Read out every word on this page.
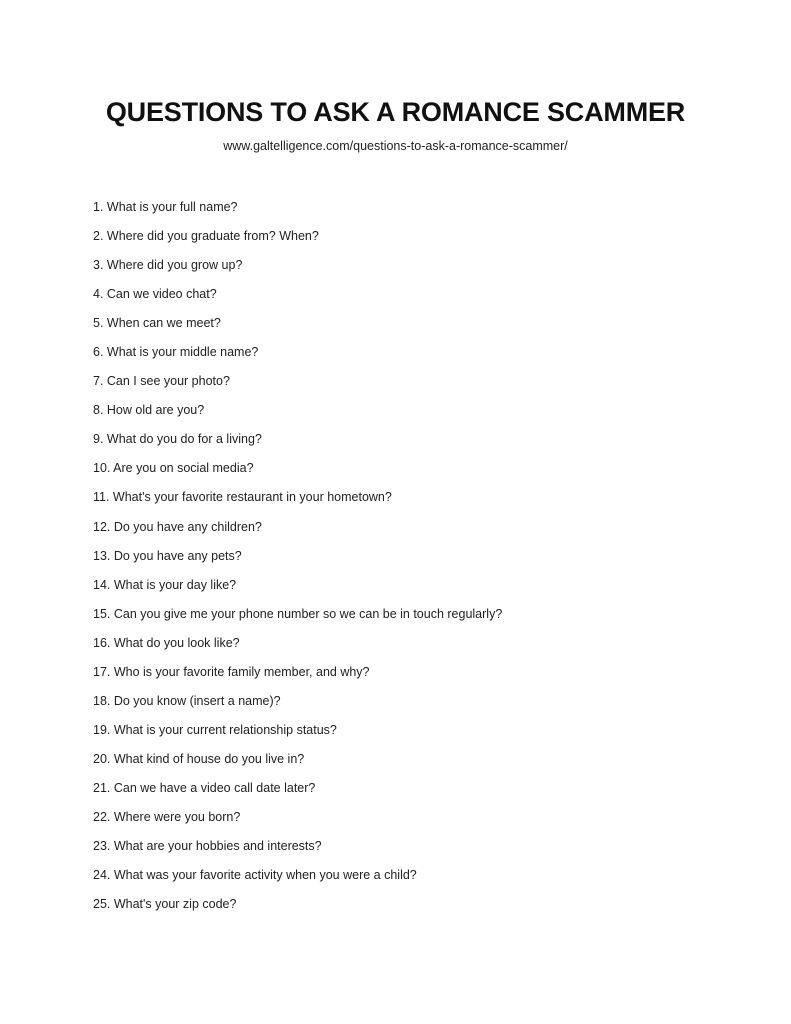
QUESTIONS TO ASK A ROMANCE SCAMMER
www.galtelligence.com/questions-to-ask-a-romance-scammer/
1. What is your full name?
2. Where did you graduate from? When?
3. Where did you grow up?
4. Can we video chat?
5. When can we meet?
6. What is your middle name?
7. Can I see your photo?
8. How old are you?
9. What do you do for a living?
10. Are you on social media?
11. What's your favorite restaurant in your hometown?
12. Do you have any children?
13. Do you have any pets?
14. What is your day like?
15. Can you give me your phone number so we can be in touch regularly?
16. What do you look like?
17. Who is your favorite family member, and why?
18. Do you know (insert a name)?
19. What is your current relationship status?
20. What kind of house do you live in?
21. Can we have a video call date later?
22. Where were you born?
23. What are your hobbies and interests?
24. What was your favorite activity when you were a child?
25. What's your zip code?
